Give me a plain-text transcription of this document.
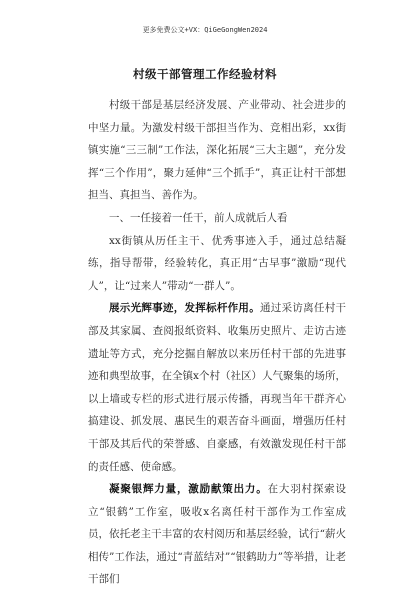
更多免费公文+VX：QiGeGongWen2024
村级干部管理工作经验材料

村级干部是基层经济发展、产业带动、社会进步的中坚力量。为激发村级干部担当作为、竞相出彩，xx街镇实施“三三制”工作法，深化拓展“三大主题”，充分发挥“三个作用”，聚力延伸“三个抓手”，真正让村干部想担当、真担当、善作为。

一、一任接着一任干，前人成就后人看

xx街镇从历任主干、优秀事迹入手，通过总结凝练，指导帮带，经验转化，真正用“古早事”激励“现代人”，让“过来人”带动“一群人”。

展示光辉事迹，发挥标杆作用。通过采访离任村干部及其家属、查阅报纸资料、收集历史照片、走访古迹遗址等方式，充分挖掘自解放以来历任村干部的先进事迹和典型故事，在全镇x个村（社区）人气聚集的场所，以上墙或专栏的形式进行展示传播，再现当年干群齐心搞建设、抓发展、惠民生的艰苦奋斗画面，增强历任村干部及其后代的荣誉感、自豪感，有效激发现任村干部的责任感、使命感。

凝聚银辉力量，激励献策出力。在大羽村探索设立“银鹤”工作室，吸收x名离任村干部作为工作室成员，依托老主干丰富的农村阅历和基层经验，试行“薪火相传”工作法，通过“青蓝结对”“银鹤助力”等举措，让老干部们
